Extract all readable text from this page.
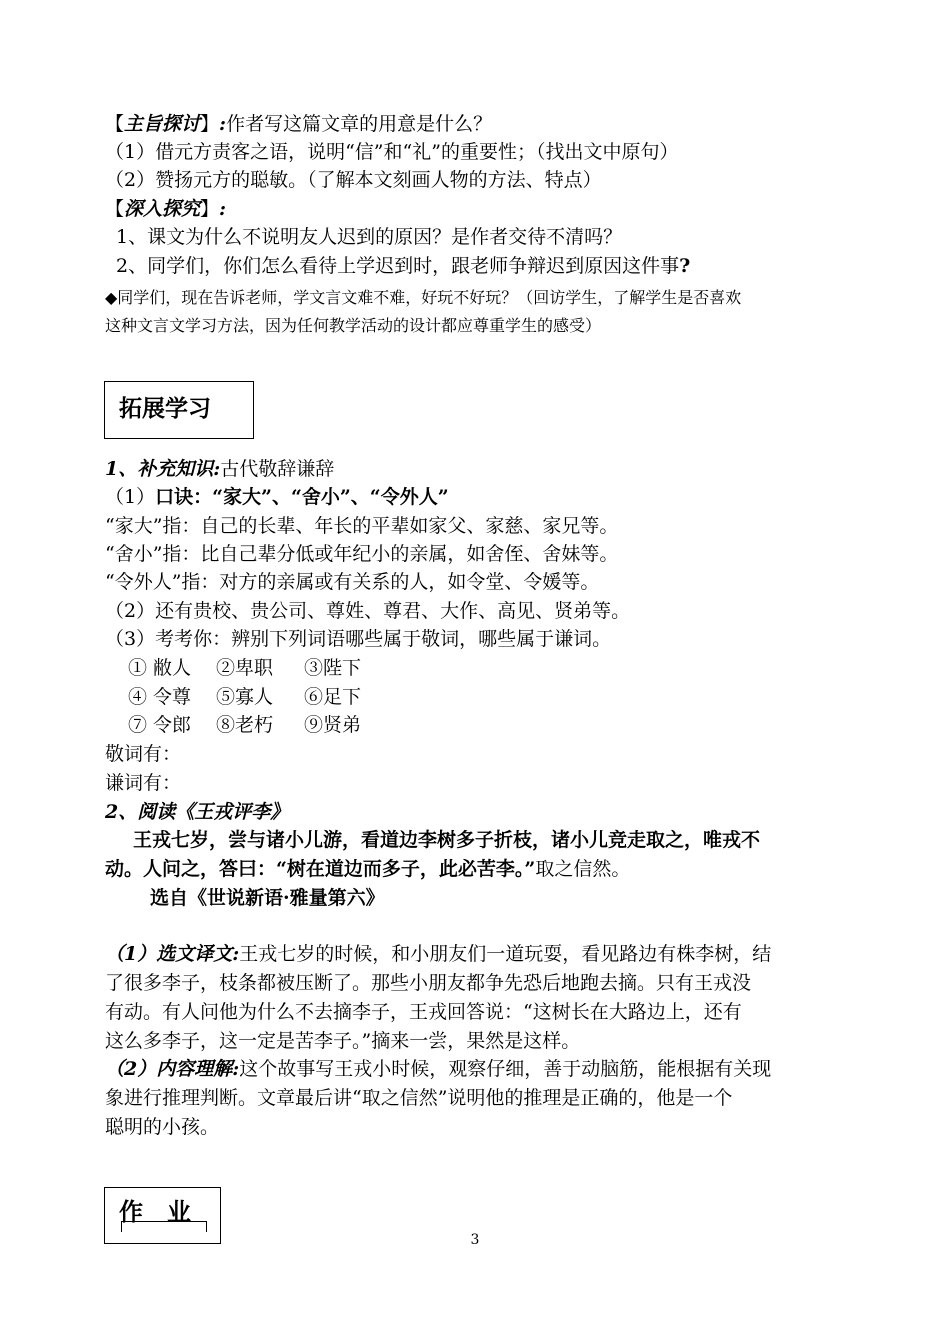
【主旨探讨】:作者写这篇文章的用意是什么？
（1）借元方责客之语，说明“信”和“礼”的重要性；（找出文中原句）
（2）赞扬元方的聪敏。（了解本文刻画人物的方法、特点）
【深入探究】:
1、课文为什么不说明友人迟到的原因？是作者交待不清吗？
2、同学们，你们怎么看待上学迟到时，跟老师争辩迟到原因这件事?
◆同学们，现在告诉老师，学文言文难不难，好玩不好玩？（回访学生，了解学生是否喜欢
这种文言文学习方法，因为任何教学活动的设计都应尊重学生的感受）
拓展学习
1、补充知识:古代敬辞谦辞
（1）口诀：“家大”、“舍小”、“令外人”
“家大”指：自己的长辈、年长的平辈如家父、家慈、家兄等。
“舍小”指：比自己辈分低或年纪小的亲属，如舍侄、舍妹等。
“令外人”指：对方的亲属或有关系的人，如令堂、令媛等。
（2）还有贵校、贵公司、尊姓、尊君、大作、高见、贤弟等。
（3）考考你：辨别下列词语哪些属于敬词，哪些属于谦词。
① 敝人 ②卑职 ③陛下
④ 令尊 ⑤寡人 ⑥足下
⑦ 令郎 ⑧老朽 ⑨贤弟
敬词有：
谦词有：
2、阅读《王戎评李》
王戎七岁，尝与诸小儿游，看道边李树多子折枝，诸小儿竞走取之，唯戎不
动。人问之，答曰：“树在道边而多子，此必苦李。”取之信然。
选自《世说新语·雅量第六》
（1）选文译文:王戎七岁的时候，和小朋友们一道玩耍，看见路边有株李树，结
了很多李子，枝条都被压断了。那些小朋友都争先恐后地跑去摘。只有王戎没
有动。有人问他为什么不去摘李子，王戎回答说：“这树长在大路边上，还有
这么多李子，这一定是苦李子。”摘来一尝，果然是这样。
（2）内容理解:这个故事写王戎小时候，观察仔细，善于动脑筋，能根据有关现
象进行推理判断。文章最后讲“取之信然”说明他的推理是正确的，他是一个
聪明的小孩。
作　业
3
